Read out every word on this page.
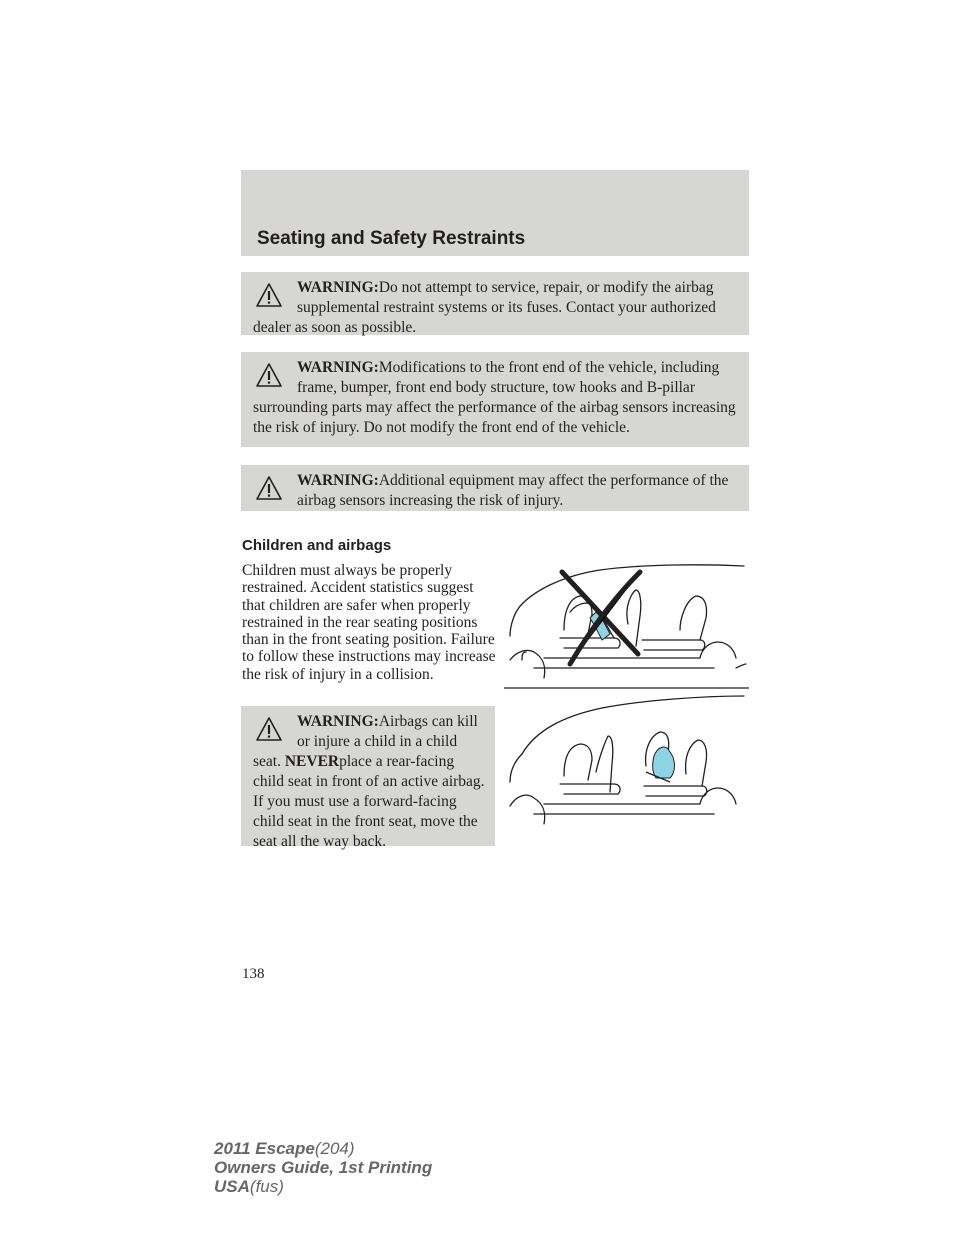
Seating and Safety Restraints
WARNING:Do not attempt to service, repair, or modify the airbag supplemental restraint systems or its fuses. Contact your authorized dealer as soon as possible.
WARNING:Modifications to the front end of the vehicle, including frame, bumper, front end body structure, tow hooks and B-pillar surrounding parts may affect the performance of the airbag sensors increasing the risk of injury. Do not modify the front end of the vehicle.
WARNING:Additional equipment may affect the performance of the airbag sensors increasing the risk of injury.
Children and airbags
Children must always be properly restrained. Accident statistics suggest that children are safer when properly restrained in the rear seating positions than in the front seating position. Failure to follow these instructions may increase the risk of injury in a collision.
WARNING:Airbags can kill or injure a child in a child seat. NEVERplace a rear-facing child seat in front of an active airbag. If you must use a forward-facing child seat in the front seat, move the seat all the way back.
138
2011 Escape(204)
Owners Guide, 1st Printing
USA(fus)
